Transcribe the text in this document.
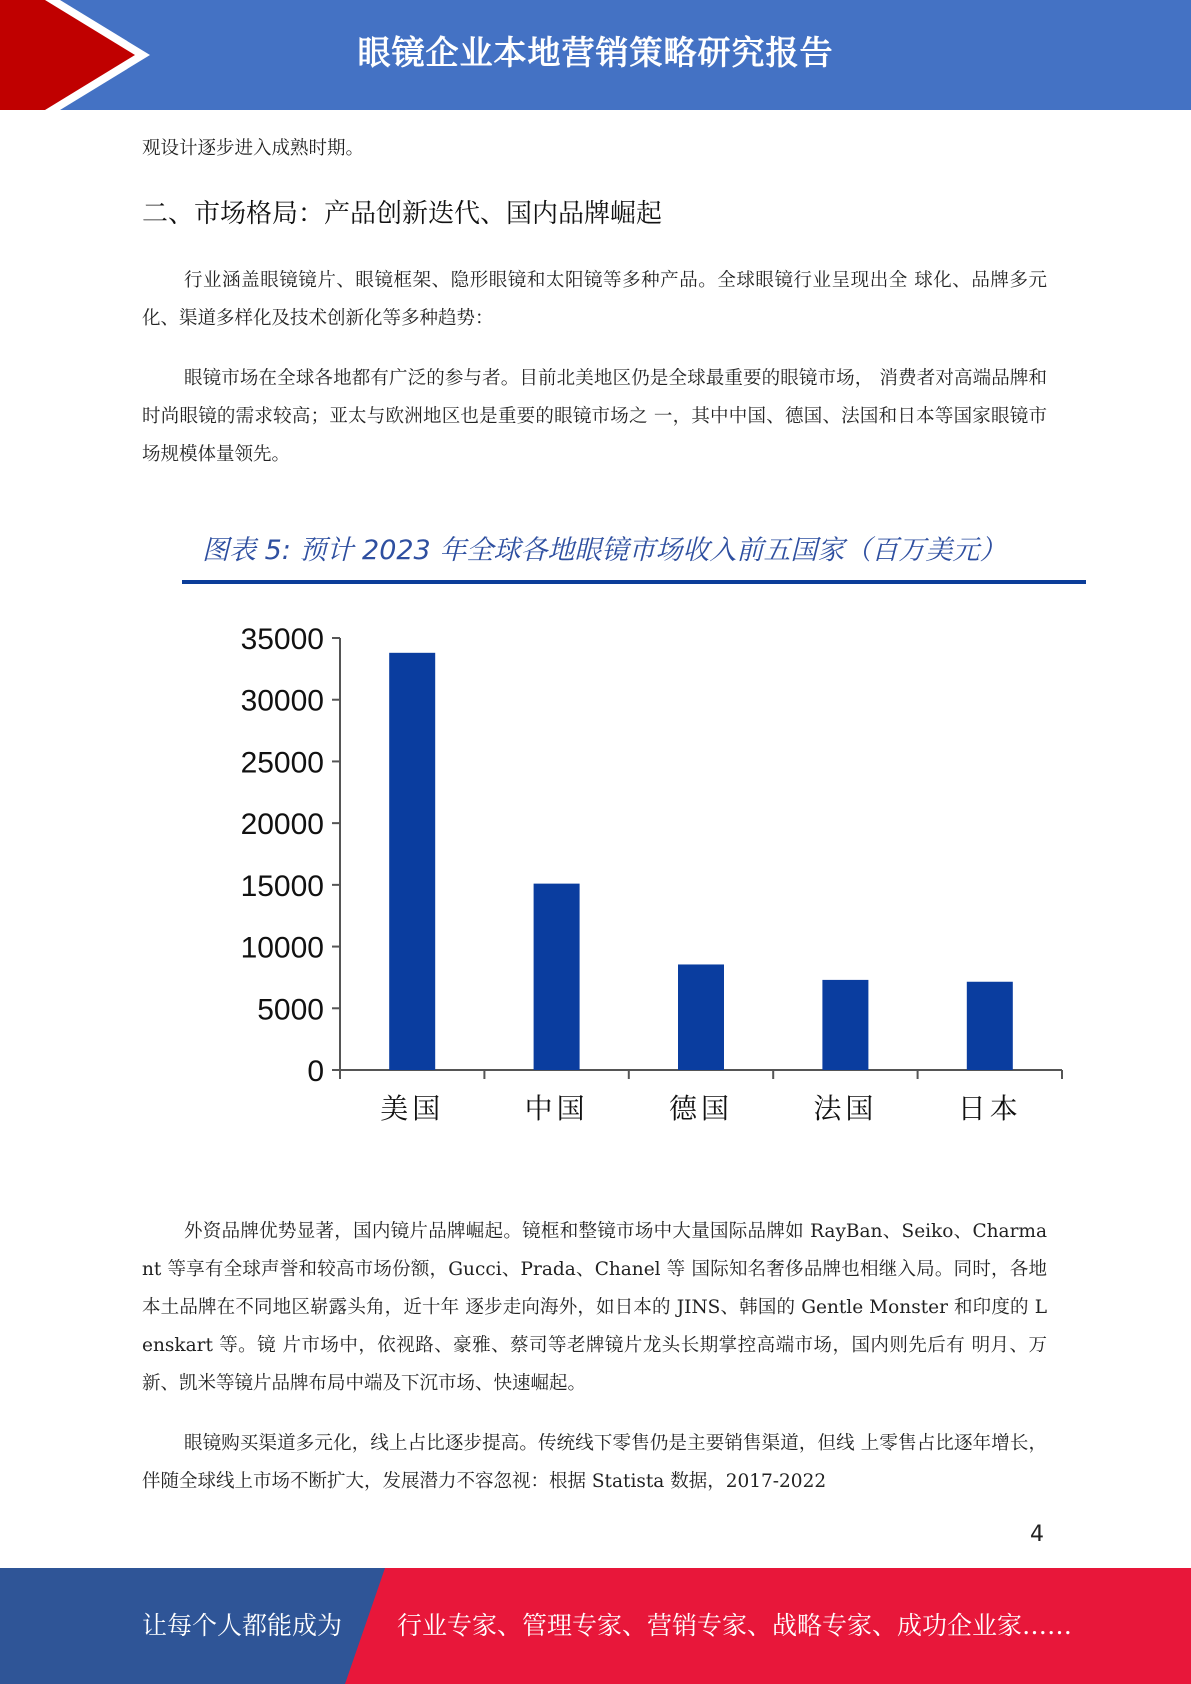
眼镜企业本地营销策略研究报告

观设计逐步进入成熟时期。

二、市场格局：产品创新迭代、国内品牌崛起

行业涵盖眼镜镜片、眼镜框架、隐形眼镜和太阳镜等多种产品。全球眼镜行业呈现出全 球化、品牌多元化、渠道多样化及技术创新化等多种趋势：

眼镜市场在全球各地都有广泛的参与者。目前北美地区仍是全球最重要的眼镜市场， 消费者对高端品牌和时尚眼镜的需求较高；亚太与欧洲地区也是重要的眼镜市场之 一，其中中国、德国、法国和日本等国家眼镜市场规模体量领先。

图表 5: 预计 2023 年全球各地眼镜市场收入前五国家（百万美元）
0
5000
10000
15000
20000
25000
30000
35000
美国	中国	德国	法国	日本

外资品牌优势显著，国内镜片品牌崛起。镜框和整镜市场中大量国际品牌如 RayBan、Seiko、Charmant 等享有全球声誉和较高市场份额，Gucci、Prada、Chanel 等 国际知名奢侈品牌也相继入局。同时，各地本土品牌在不同地区崭露头角，近十年 逐步走向海外，如日本的 JINS、韩国的 Gentle Monster 和印度的 Lenskart 等。镜 片市场中，依视路、豪雅、蔡司等老牌镜片龙头长期掌控高端市场，国内则先后有 明月、万新、凯米等镜片品牌布局中端及下沉市场、快速崛起。

眼镜购买渠道多元化，线上占比逐步提高。传统线下零售仍是主要销售渠道，但线 上零售占比逐年增长，伴随全球线上市场不断扩大，发展潜力不容忽视：根据 Statista 数据，2017-2022

4
让每个人都能成为 行业专家、管理专家、营销专家、战略专家、成功企业家……
